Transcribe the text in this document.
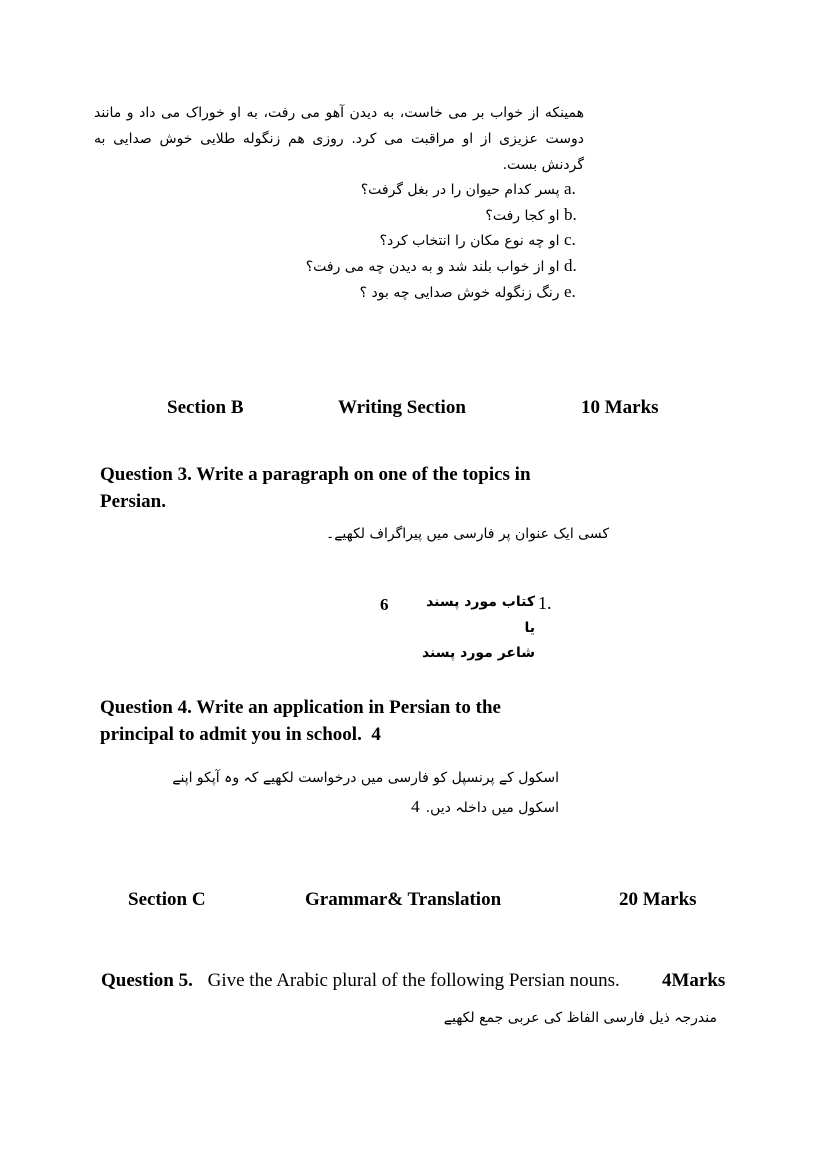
همینکه از خواب بر می خاست، به دیدن آهو می رفت، به او خوراک می داد و مانند دوست عزیزی از او مراقبت می کرد. روزی هم زنگوله طلایی خوش صدایی به گردنش بست.
a. پسر کدام حیوان را در بغل گرفت؟
b. او کجا رفت؟
c. او چه نوع مکان را انتخاب کرد؟
d. او از خواب بلند شد و به دیدن چه می رفت؟
e. رنگ زنگوله خوش صدایی چه بود ؟
Section B	Writing Section	10 Marks
Question 3. Write a paragraph on one of the topics in
Persian.
کسی ایک عنوان پر فارسی میں پیراگراف لکھیے۔
1.
کتاب مورد پسند
6
یا
شاعر مورد پسند
Question 4. Write an application in Persian to the
principal to admit you in school.  4
اسکول کے پرنسپل کو فارسی میں درخواست لکھیے کہ وہ آپکو اپنے
4 اسکول میں داخلہ دیں.
Section C	Grammar& Translation	20 Marks
Question 5. Give the Arabic plural of the following Persian nouns. 4Marks
مندرجہ ذیل فارسی الفاظ کی عربی جمع لکھیے
